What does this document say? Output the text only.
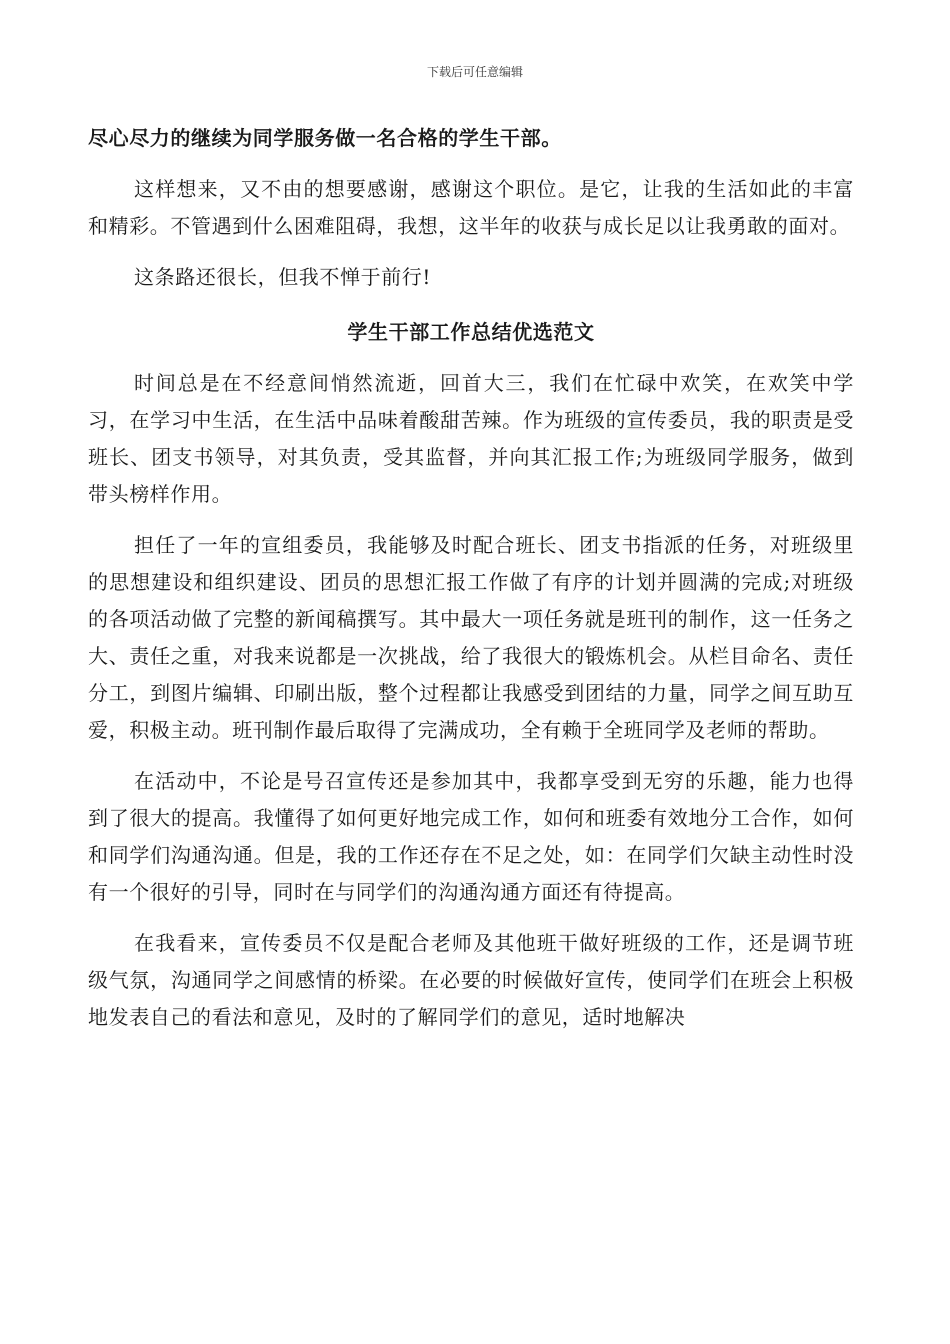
下载后可任意编辑

尽心尽力的继续为同学服务做一名合格的学生干部。

这样想来，又不由的想要感谢，感谢这个职位。是它，让我的生活如此的丰富和精彩。不管遇到什么困难阻碍，我想，这半年的收获与成长足以让我勇敢的面对。

这条路还很长，但我不惮于前行!

学生干部工作总结优选范文

时间总是在不经意间悄然流逝，回首大三，我们在忙碌中欢笑，在欢笑中学习，在学习中生活，在生活中品味着酸甜苦辣。作为班级的宣传委员，我的职责是受班长、团支书领导，对其负责，受其监督，并向其汇报工作;为班级同学服务，做到带头榜样作用。

担任了一年的宣组委员，我能够及时配合班长、团支书指派的任务，对班级里的思想建设和组织建设、团员的思想汇报工作做了有序的计划并圆满的完成;对班级的各项活动做了完整的新闻稿撰写。其中最大一项任务就是班刊的制作，这一任务之大、责任之重，对我来说都是一次挑战，给了我很大的锻炼机会。从栏目命名、责任分工，到图片编辑、印刷出版，整个过程都让我感受到团结的力量，同学之间互助互爱，积极主动。班刊制作最后取得了完满成功，全有赖于全班同学及老师的帮助。

在活动中，不论是号召宣传还是参加其中，我都享受到无穷的乐趣，能力也得到了很大的提高。我懂得了如何更好地完成工作，如何和班委有效地分工合作，如何和同学们沟通沟通。但是，我的工作还存在不足之处，如：在同学们欠缺主动性时没有一个很好的引导，同时在与同学们的沟通沟通方面还有待提高。

在我看来，宣传委员不仅是配合老师及其他班干做好班级的工作，还是调节班级气氛，沟通同学之间感情的桥梁。在必要的时候做好宣传，使同学们在班会上积极地发表自己的看法和意见，及时的了解同学们的意见，适时地解决
